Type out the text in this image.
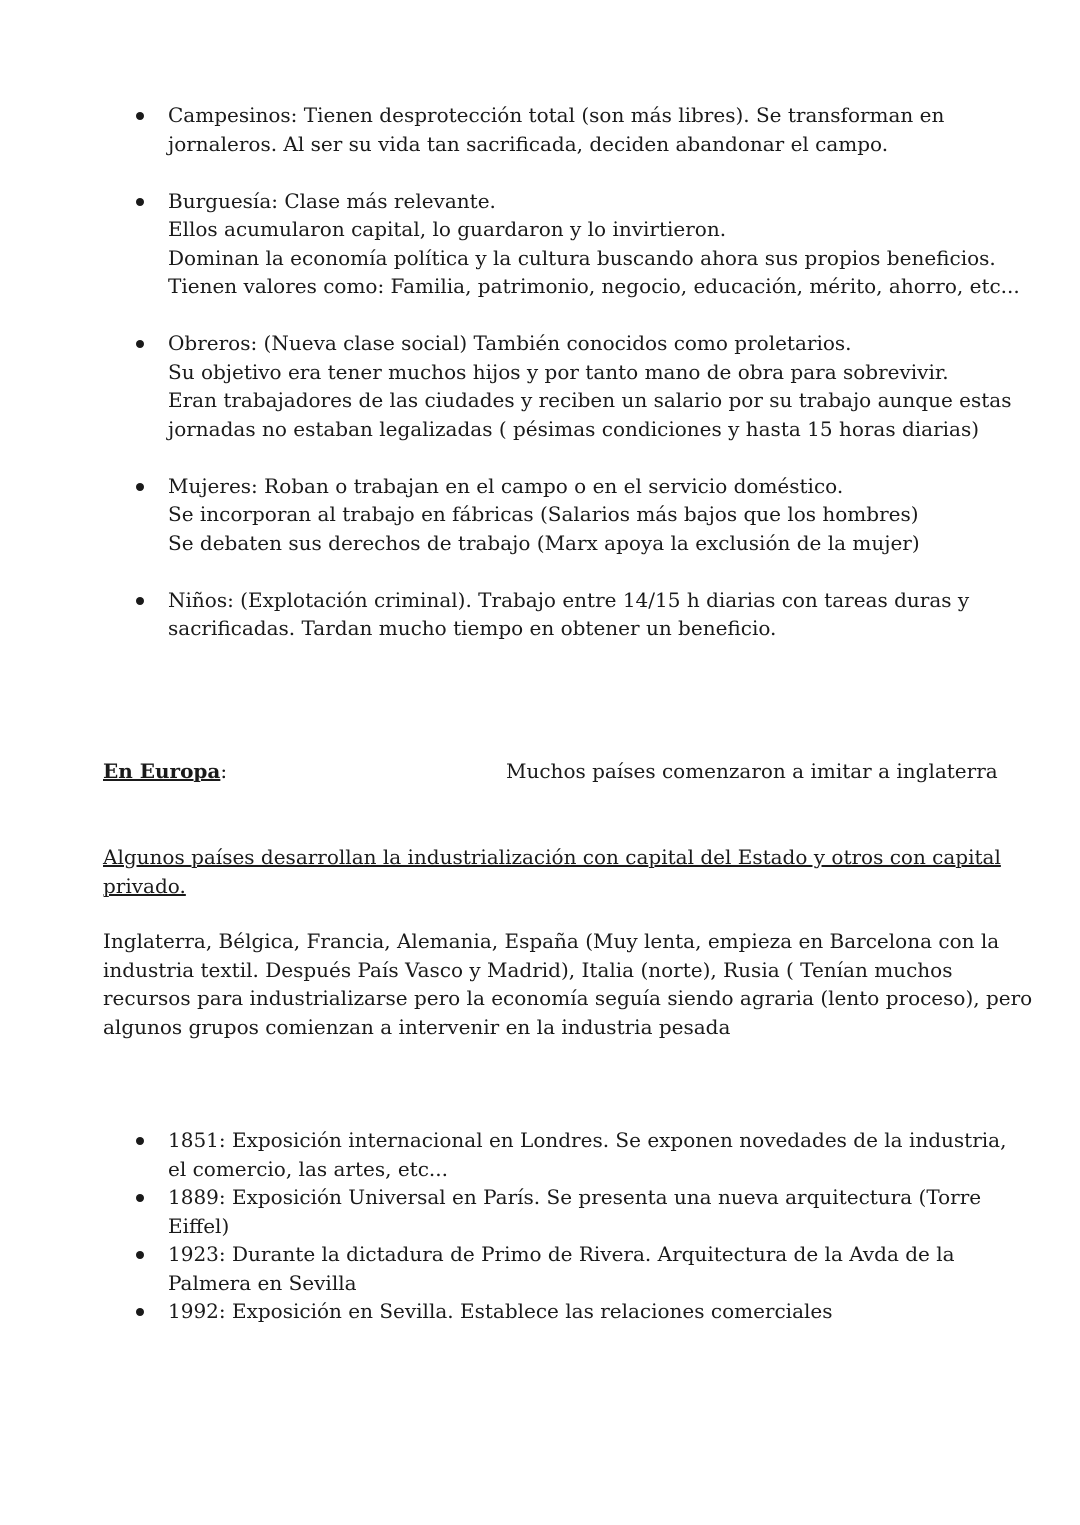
Campesinos: Tienen desprotección total (son más libres). Se transforman en
jornaleros. Al ser su vida tan sacrificada, deciden abandonar el campo.
Burguesía: Clase más relevante.
Ellos acumularon capital, lo guardaron y lo invirtieron.
Dominan la economía política y la cultura buscando ahora sus propios beneficios.
Tienen valores como: Familia, patrimonio, negocio, educación, mérito, ahorro, etc...
Obreros: (Nueva clase social) También conocidos como proletarios.
Su objetivo era tener muchos hijos y por tanto mano de obra para sobrevivir.
Eran trabajadores de las ciudades y reciben un salario por su trabajo aunque estas
jornadas no estaban legalizadas ( pésimas condiciones y hasta 15 horas diarias)
Mujeres: Roban o trabajan en el campo o en el servicio doméstico.
Se incorporan al trabajo en fábricas (Salarios más bajos que los hombres)
Se debaten sus derechos de trabajo (Marx apoya la exclusión de la mujer)
Niños: (Explotación criminal). Trabajo entre 14/15 h diarias con tareas duras y
sacrificadas. Tardan mucho tiempo en obtener un beneficio.
En Europa:	Muchos países comenzaron a imitar a inglaterra
Algunos países desarrollan la industrialización con capital del Estado y otros con capital
privado.
Inglaterra, Bélgica, Francia, Alemania, España (Muy lenta, empieza en Barcelona con la
industria textil. Después País Vasco y Madrid), Italia (norte), Rusia ( Tenían muchos
recursos para industrializarse pero la economía seguía siendo agraria (lento proceso), pero
algunos grupos comienzan a intervenir en la industria pesada
1851: Exposición internacional en Londres. Se exponen novedades de la industria,
el comercio, las artes, etc...
1889: Exposición Universal en París. Se presenta una nueva arquitectura (Torre
Eiffel)
1923: Durante la dictadura de Primo de Rivera. Arquitectura de la Avda de la
Palmera en Sevilla
1992: Exposición en Sevilla. Establece las relaciones comerciales
